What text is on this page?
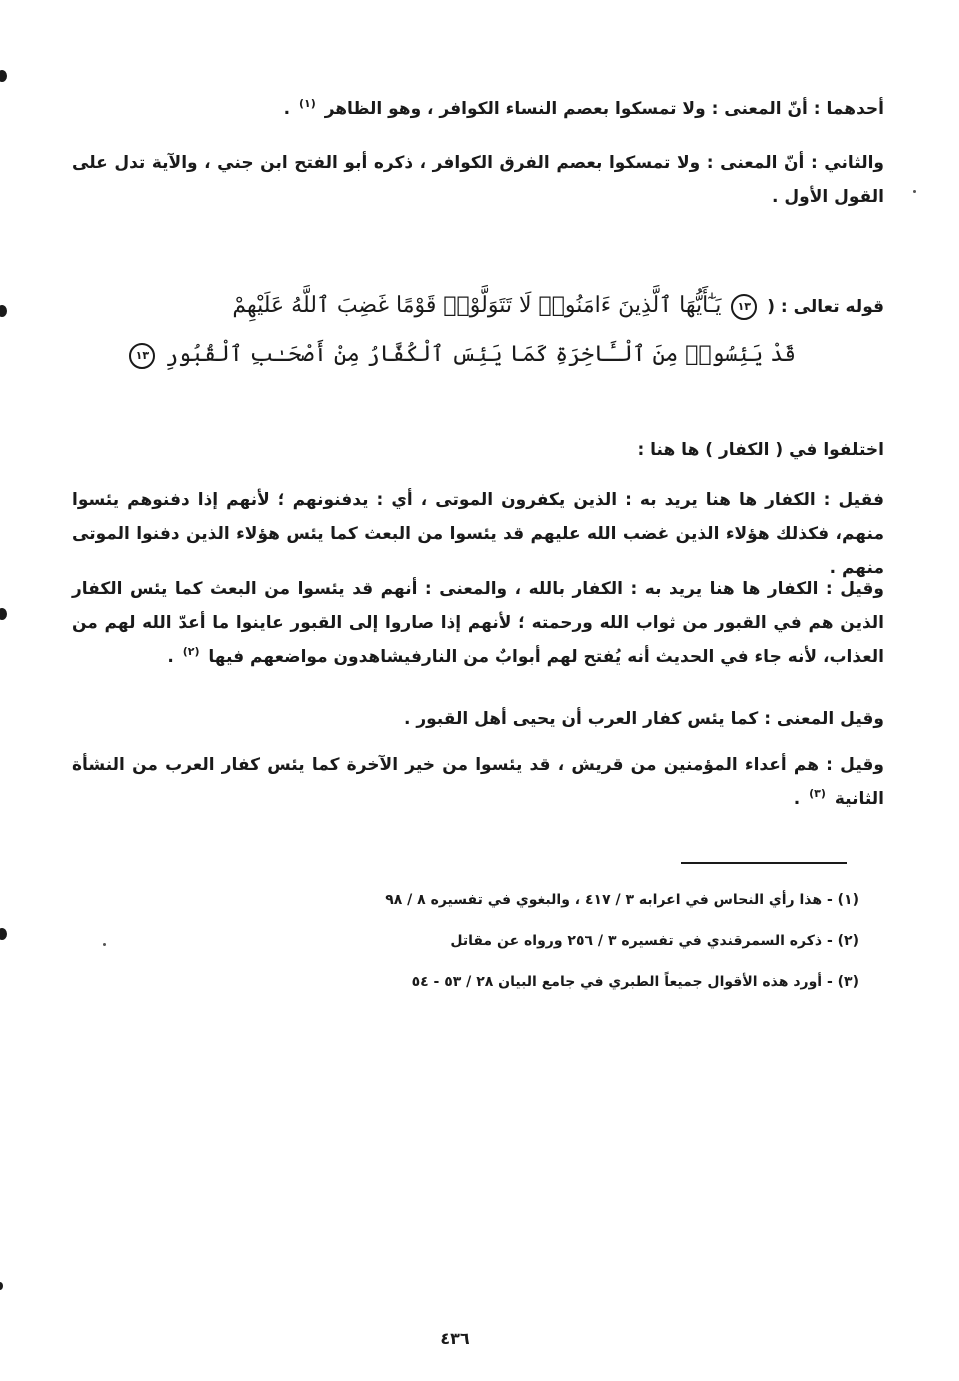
أحدهما : أنّ المعنى : ولا تمسكوا بعصم النساء الكوافر ، وهو الظاهر $^{(١)}$ .
والثاني : أنّ المعنى : ولا تمسكوا بعصم الفرق الكوافر ، ذكره أبو الفتح ابن جني ، والآية تدل على القول الأول .
قوله تعالى : ( ١٣ يَـٰٓأَيُّهَا ٱلَّذِينَ ءَامَنُوا۟ لَا تَتَوَلَّوْا۟ قَوْمًا غَضِبَ ٱللَّهُ عَلَيْهِمْ
قَدْ يَئِسُوا۟ مِنَ ٱلْـَٔاخِرَةِ كَمَا يَئِسَ ٱلْكُفَّارُ مِنْ أَصْحَـٰبِ ٱلْقُبُورِ ١٣
اختلفوا في ( الكفار ) ها هنا :
فقيل : الكفار ها هنا يريد به : الذين يكفرون الموتى ، أي : يدفنونهم ؛ لأنهم إذا دفنوهم يئسوا منهم، فكذلك هؤلاء الذين غضب الله عليهم قد يئسوا من البعث كما يئس هؤلاء الذين دفنوا الموتى منهم .
وقيل : الكفار ها هنا يريد به : الكفار بالله ، والمعنى : أنهم قد يئسوا من البعث كما يئس الكفار الذين هم في القبور من ثواب الله ورحمته ؛ لأنهم إذا صاروا إلى القبور عاينوا ما أعدّ الله لهم من العذاب، لأنه جاء في الحديث أنه يُفتح لهم أبوابٌ من النارفيشاهدون مواضعهم فيها $^{(٢)}$ .
وقيل المعنى : كما يئس كفار العرب أن يحيى أهل القبور .
وقيل : هم أعداء المؤمنين من قريش ، قد يئسوا من خير الآخرة كما يئس كفار العرب من النشأة الثانية $^{(٣)}$ .
(١) - هذا رأي النحاس في اعرابه ٣ / ٤١٧ ، والبغوي في تفسيره ٨ / ٩٨
(٢) - ذكره السمرقندي في تفسيره ٣ / ٢٥٦ ورواه عن مقاتل
(٣) - أورد هذه الأقوال جميعاً الطبري في جامع البيان ٢٨ / ٥٣ - ٥٤
٤٣٦
